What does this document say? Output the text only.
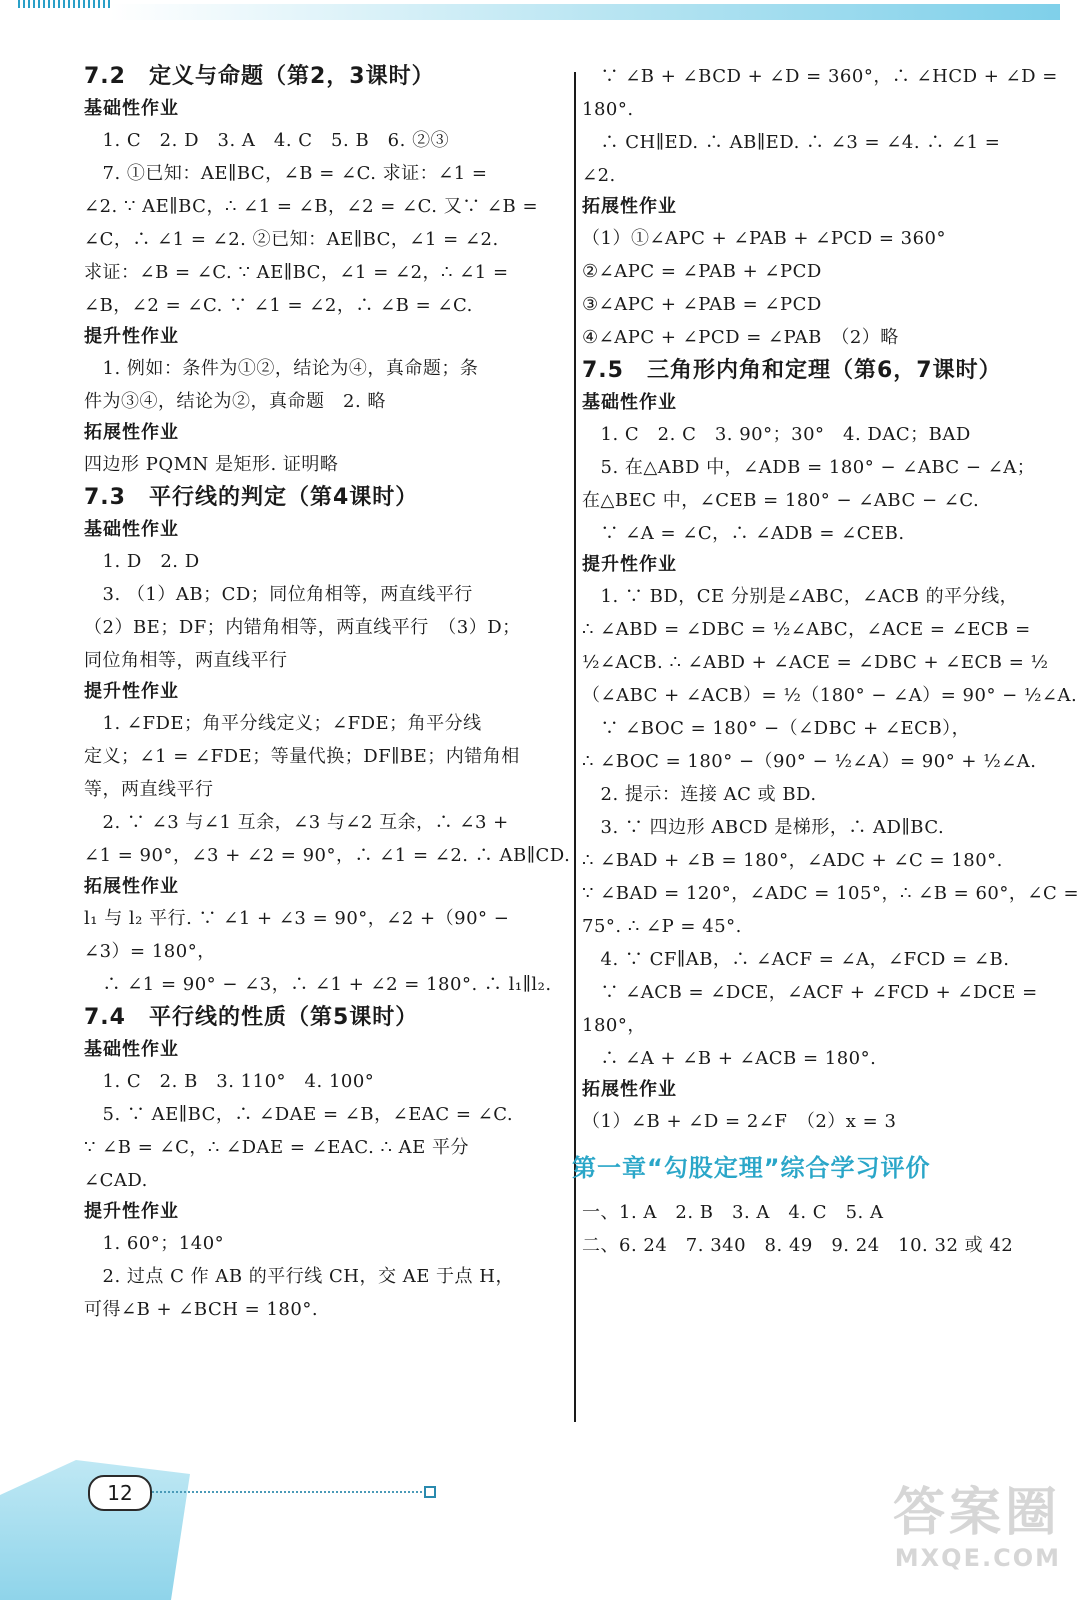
7.2　定义与命题（第2，3课时）
基础性作业
　1. C　2. D　3. A　4. C　5. B　6. ②③
　7. ①已知：AE∥BC，∠B = ∠C. 求证：∠1 =
∠2. ∵ AE∥BC，∴ ∠1 = ∠B，∠2 = ∠C. 又∵ ∠B =
∠C，∴ ∠1 = ∠2. ②已知：AE∥BC，∠1 = ∠2.
求证：∠B = ∠C. ∵ AE∥BC，∠1 = ∠2，∴ ∠1 =
∠B，∠2 = ∠C. ∵ ∠1 = ∠2，∴ ∠B = ∠C.
提升性作业
　1. 例如：条件为①②，结论为④，真命题；条
件为③④，结论为②，真命题　2. 略
拓展性作业
四边形 PQMN 是矩形. 证明略
7.3　平行线的判定（第4课时）
基础性作业
　1. D　2. D
　3. （1）AB；CD；同位角相等，两直线平行
（2）BE；DF；内错角相等，两直线平行　（3）D；
同位角相等，两直线平行
提升性作业
　1. ∠FDE；角平分线定义；∠FDE；角平分线
定义；∠1 = ∠FDE；等量代换；DF∥BE；内错角相
等，两直线平行
　2. ∵ ∠3 与∠1 互余，∠3 与∠2 互余，∴ ∠3 +
∠1 = 90°，∠3 + ∠2 = 90°，∴ ∠1 = ∠2. ∴ AB∥CD.
拓展性作业
l₁ 与 l₂ 平行. ∵ ∠1 + ∠3 = 90°，∠2 +（90° −
∠3）= 180°，
　∴ ∠1 = 90° − ∠3，∴ ∠1 + ∠2 = 180°. ∴ l₁∥l₂.
7.4　平行线的性质（第5课时）
基础性作业
　1. C　2. B　3. 110°　4. 100°
　5. ∵ AE∥BC，∴ ∠DAE = ∠B，∠EAC = ∠C.
∵ ∠B = ∠C，∴ ∠DAE = ∠EAC. ∴ AE 平分
∠CAD.
提升性作业
　1. 60°；140°
　2. 过点 C 作 AB 的平行线 CH，交 AE 于点 H，
可得∠B + ∠BCH = 180°.
　∵ ∠B + ∠BCD + ∠D = 360°，∴ ∠HCD + ∠D =
180°.
　∴ CH∥ED. ∴ AB∥ED. ∴ ∠3 = ∠4. ∴ ∠1 =
∠2.
拓展性作业
（1）①∠APC + ∠PAB + ∠PCD = 360°
②∠APC = ∠PAB + ∠PCD
③∠APC + ∠PAB = ∠PCD
④∠APC + ∠PCD = ∠PAB　（2）略
7.5　三角形内角和定理（第6，7课时）
基础性作业
　1. C　2. C　3. 90°；30°　4. DAC；BAD
　5. 在△ABD 中，∠ADB = 180° − ∠ABC − ∠A；
在△BEC 中，∠CEB = 180° − ∠ABC − ∠C.
　∵ ∠A = ∠C，∴ ∠ADB = ∠CEB.
提升性作业
　1. ∵ BD，CE 分别是∠ABC，∠ACB 的平分线，
∴ ∠ABD = ∠DBC = ½∠ABC，∠ACE = ∠ECB =
½∠ACB. ∴ ∠ABD + ∠ACE = ∠DBC + ∠ECB = ½
（∠ABC + ∠ACB）= ½（180° − ∠A）= 90° − ½∠A.
　∵ ∠BOC = 180° −（∠DBC + ∠ECB），
∴ ∠BOC = 180° −（90° − ½∠A）= 90° + ½∠A.
　2. 提示：连接 AC 或 BD.
　3. ∵ 四边形 ABCD 是梯形，∴ AD∥BC.
∴ ∠BAD + ∠B = 180°，∠ADC + ∠C = 180°.
∵ ∠BAD = 120°，∠ADC = 105°，∴ ∠B = 60°，∠C =
75°. ∴ ∠P = 45°.
　4. ∵ CF∥AB，∴ ∠ACF = ∠A，∠FCD = ∠B.
　∵ ∠ACB = ∠DCE，∠ACF + ∠FCD + ∠DCE =
180°，
　∴ ∠A + ∠B + ∠ACB = 180°.
拓展性作业
（1）∠B + ∠D = 2∠F　（2）x = 3
第一章“勾股定理”综合学习评价
一、1. A　2. B　3. A　4. C　5. A
二、6. 24　7. 340　8. 49　9. 24　10. 32 或 42
12	答案圈
MXQE.COM
